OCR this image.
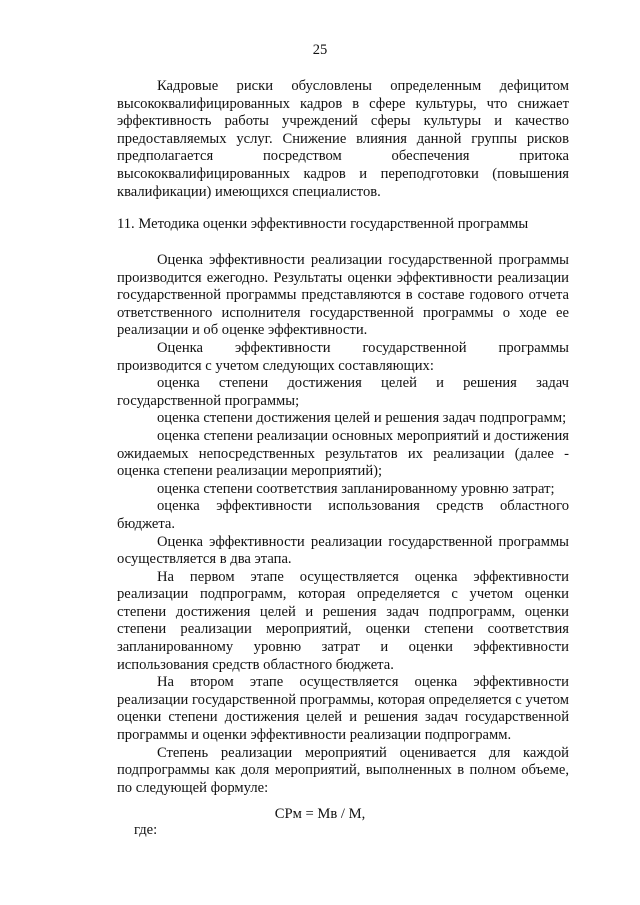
25

Кадровые риски обусловлены определенным дефицитом высококвалифицированных кадров в сфере культуры, что снижает эффективность работы учреждений сферы культуры и качество предоставляемых услуг. Снижение влияния данной группы рисков предполагается посредством обеспечения притока высококвалифицированных кадров и переподготовки (повышения квалификации) имеющихся специалистов.

11. Методика оценки эффективности государственной программы

Оценка эффективности реализации государственной программы производится ежегодно. Результаты оценки эффективности реализации государственной программы представляются в составе годового отчета ответственного исполнителя государственной программы о ходе ее реализации и об оценке эффективности.

Оценка эффективности государственной программы производится с учетом следующих составляющих:

оценка степени достижения целей и решения задач государственной программы;

оценка степени достижения целей и решения задач подпрограмм;

оценка степени реализации основных мероприятий и достижения ожидаемых непосредственных результатов их реализации (далее - оценка степени реализации мероприятий);

оценка степени соответствия запланированному уровню затрат;

оценка эффективности использования средств областного бюджета.

Оценка эффективности реализации государственной программы осуществляется в два этапа.

На первом этапе осуществляется оценка эффективности реализации подпрограмм, которая определяется с учетом оценки степени достижения целей и решения задач подпрограмм, оценки степени реализации мероприятий, оценки степени соответствия запланированному уровню затрат и оценки эффективности использования средств областного бюджета.

На втором этапе осуществляется оценка эффективности реализации государственной программы, которая определяется с учетом оценки степени достижения целей и решения задач государственной программы и оценки эффективности реализации подпрограмм.

Степень реализации мероприятий оценивается для каждой подпрограммы как доля мероприятий, выполненных в полном объеме, по следующей формуле:

СРм = Мв / М,
где:
